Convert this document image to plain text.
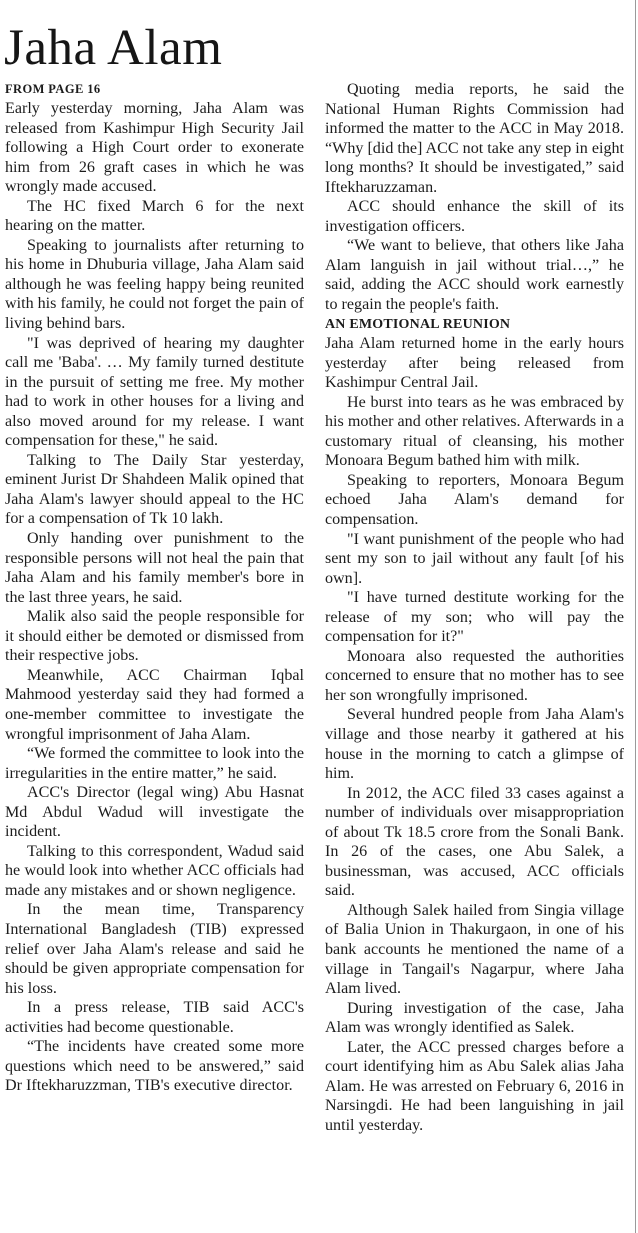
Jaha Alam
FROM PAGE 16

Early yesterday morning, Jaha Alam was released from Kashimpur High Security Jail following a High Court order to exonerate him from 26 graft cases in which he was wrongly made accused.

The HC fixed March 6 for the next hearing on the matter.

Speaking to journalists after returning to his home in Dhuburia village, Jaha Alam said although he was feeling happy being reunited with his family, he could not forget the pain of living behind bars.

"I was deprived of hearing my daughter call me 'Baba'. … My family turned destitute in the pursuit of setting me free. My mother had to work in other houses for a living and also moved around for my release. I want compensation for these," he said.

Talking to The Daily Star yesterday, eminent Jurist Dr Shahdeen Malik opined that Jaha Alam's lawyer should appeal to the HC for a compensation of Tk 10 lakh.

Only handing over punishment to the responsible persons will not heal the pain that Jaha Alam and his family member's bore in the last three years, he said.

Malik also said the people responsible for it should either be demoted or dismissed from their respective jobs.

Meanwhile, ACC Chairman Iqbal Mahmood yesterday said they had formed a one-member committee to investigate the wrongful imprisonment of Jaha Alam.

“We formed the committee to look into the irregularities in the entire matter,” he said.

ACC's Director (legal wing) Abu Hasnat Md Abdul Wadud will investigate the incident.

Talking to this correspondent, Wadud said he would look into whether ACC officials had made any mistakes and or shown negligence.

In the mean time, Transparency International Bangladesh (TIB) expressed relief over Jaha Alam's release and said he should be given appropriate compensation for his loss.

In a press release, TIB said ACC's activities had become questionable.

“The incidents have created some more questions which need to be answered,” said Dr Iftekharuzzman, TIB's executive director.

Quoting media reports, he said the National Human Rights Commission had informed the matter to the ACC in May 2018. “Why [did the] ACC not take any step in eight long months? It should be investigated,” said Iftekharuzzaman.

ACC should enhance the skill of its investigation officers.

“We want to believe, that others like Jaha Alam languish in jail without trial…,” he said, adding the ACC should work earnestly to regain the people's faith.

AN EMOTIONAL REUNION

Jaha Alam returned home in the early hours yesterday after being released from Kashimpur Central Jail.

He burst into tears as he was embraced by his mother and other relatives. Afterwards in a customary ritual of cleansing, his mother Monoara Begum bathed him with milk.

Speaking to reporters, Monoara Begum echoed Jaha Alam's demand for compensation.

"I want punishment of the people who had sent my son to jail without any fault [of his own].

"I have turned destitute working for the release of my son; who will pay the compensation for it?"

Monoara also requested the authorities concerned to ensure that no mother has to see her son wrongfully imprisoned.

Several hundred people from Jaha Alam's village and those nearby it gathered at his house in the morning to catch a glimpse of him.

In 2012, the ACC filed 33 cases against a number of individuals over misappropriation of about Tk 18.5 crore from the Sonali Bank. In 26 of the cases, one Abu Salek, a businessman, was accused, ACC officials said.

Although Salek hailed from Singia village of Balia Union in Thakurgaon, in one of his bank accounts he mentioned the name of a village in Tangail's Nagarpur, where Jaha Alam lived.

During investigation of the case, Jaha Alam was wrongly identified as Salek.

Later, the ACC pressed charges before a court identifying him as Abu Salek alias Jaha Alam. He was arrested on February 6, 2016 in Narsingdi. He had been languishing in jail until yesterday.
